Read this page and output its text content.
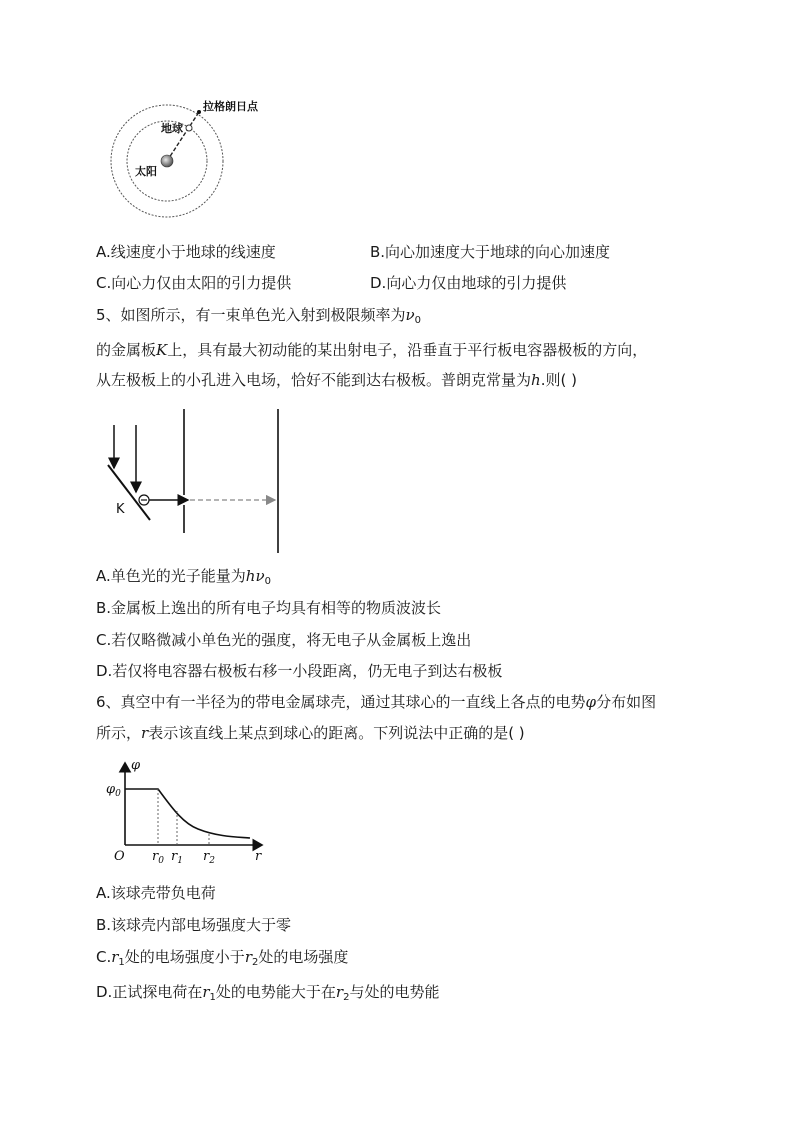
拉格朗日点
地球
太阳
A.线速度小于地球的线速度	B.向心加速度大于地球的向心加速度
C.向心力仅由太阳的引力提供	D.向心力仅由地球的引力提供
5、如图所示，有一束单色光入射到极限频率为$\nu_0$
的金属板K上，具有最大初动能的某出射电子，沿垂直于平行板电容器极板的方向，
从左极板上的小孔进入电场，恰好不能到达右极板。普朗克常量为h.则( )
K
A.单色光的光子能量为$h\nu_0$
B.金属板上逸出的所有电子均具有相等的物质波波长
C.若仅略微减小单色光的强度，将无电子从金属板上逸出
D.若仅将电容器右极板右移一小段距离，仍无电子到达右极板
6、真空中有一半径为的带电金属球壳，通过其球心的一直线上各点的电势φ分布如图
所示，r表示该直线上某点到球心的距离。下列说法中正确的是( )
φ
$\varphi_0$
O	r
$r_0$ $r_1$ $r_2$
A.该球壳带负电荷
B.该球壳内部电场强度大于零
$C.r_1$处的电场强度小于$r_2$处的电场强度
D.正试探电荷在$r_1$处的电势能大于在$r_2$与处的电势能
